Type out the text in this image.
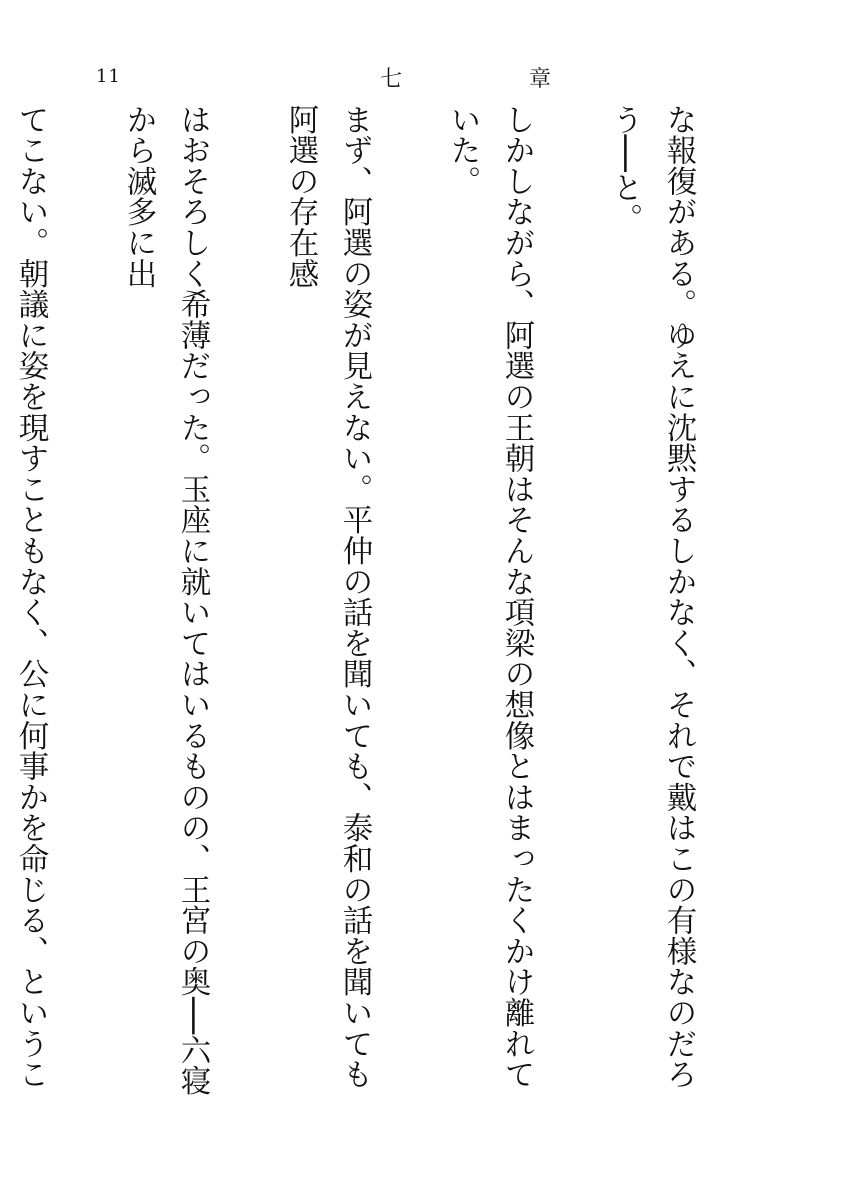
11	七 章

な報復がある。ゆえに沈黙するしかなく、それで戴はこの有様なのだろう──と。

しかしながら、阿選の王朝はそんな項梁の想像とはまったくかけ離れていた。

まず、阿選の姿が見えない。平仲の話を聞いても、泰和の話を聞いても阿選の存在感

はおそろしく希薄だった。玉座に就いてはいるものの、王宮の奥──六寝から滅多に出

てこない。朝議に姿を現すこともなく、公に何事かを命じる、というこ
